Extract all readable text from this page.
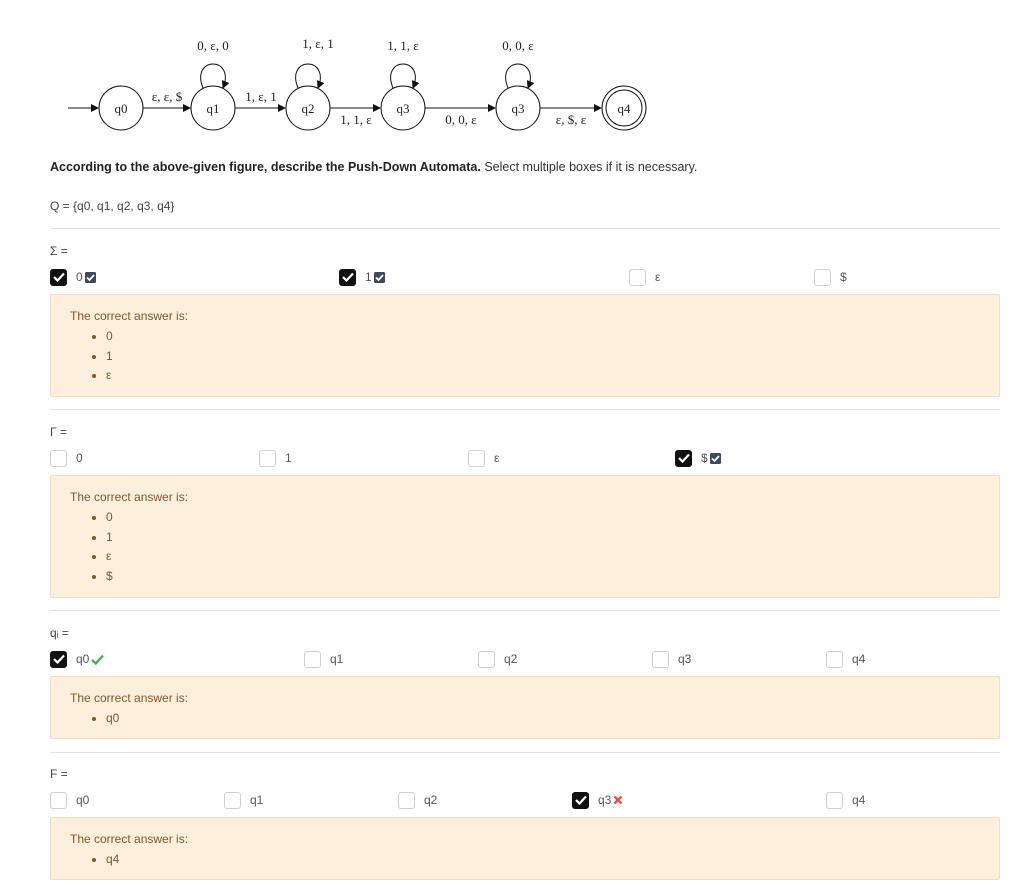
q0	q1	q2	q3	q3	q4
0, ε, 0	1, ε, 1	1, 1, ε	0, 0, ε
ε, ε, $	1, ε, 1
1, 1, ε	0, 0, ε	ε, $, ε
According to the above-given figure, describe the Push-Down Automata. Select multiple boxes if it is necessary.
Q = {q0, q1, q2, q3, q4}
Σ =
0	1	ε	$
The correct answer is:
• 0
• 1
• ε
Γ =
0	1	ε	$
The correct answer is:
• 0
• 1
• ε
• $
qᵢ =
q0	q1	q2	q3	q4
The correct answer is:
• q0
F =
q0	q1	q2	q3	q4
The correct answer is:
• q4
